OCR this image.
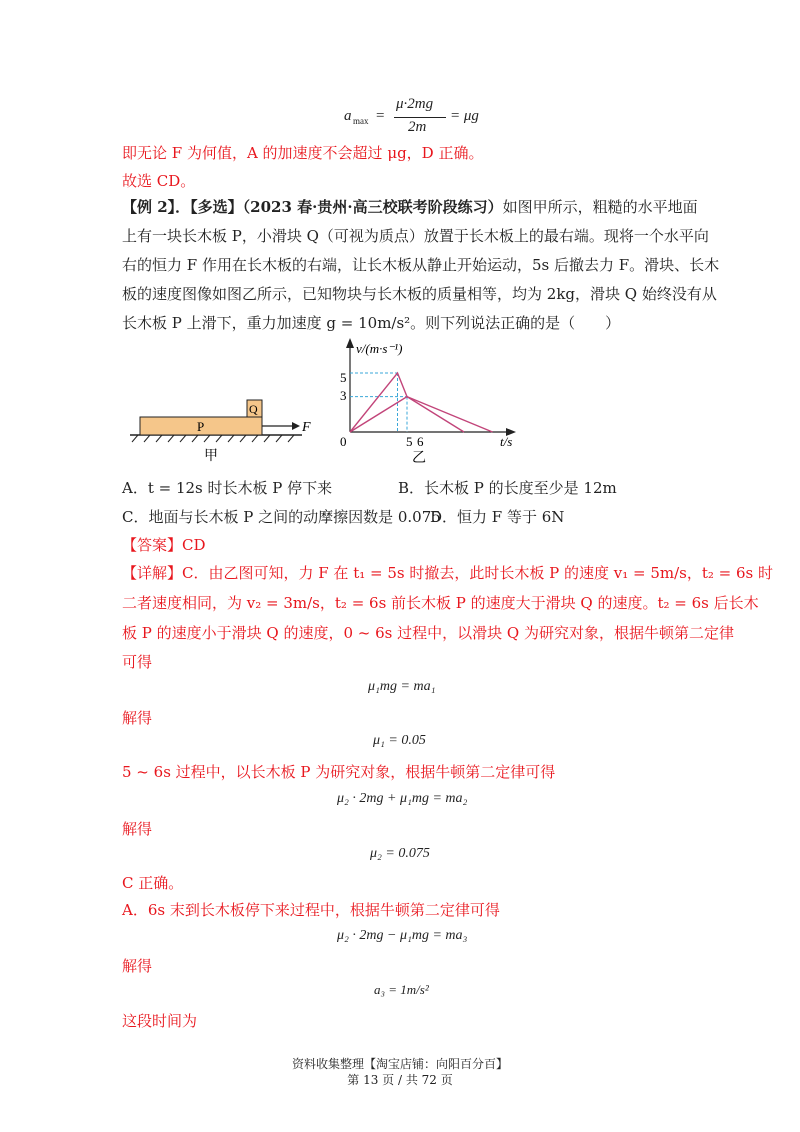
a max =
μ·2mg
2m
= μg
即无论 F 为何值，A 的加速度不会超过 μg，D 正确。
故选 CD。
【例 2】．【多选】（2023 春·贵州·高三校联考阶段练习）如图甲所示，粗糙的水平地面
上有一块长木板 P，小滑块 Q（可视为质点）放置于长木板上的最右端。现将一个水平向
右的恒力 F 作用在长木板的右端，让长木板从静止开始运动，5s 后撤去力 F。滑块、长木
板的速度图像如图乙所示，已知物块与长木板的质量相等，均为 2kg，滑块 Q 始终没有从
长木板 P 上滑下，重力加速度 g = 10m/s²。则下列说法正确的是（　　）
P
Q
F
甲
v/(m·s⁻¹)
t/s
5
3
0	5 6
乙
A．t = 12s 时长木板 P 停下来	B．长木板 P 的长度至少是 12m
C．地面与长木板 P 之间的动摩擦因数是 0.075
D．恒力 F 等于 6N
【答案】CD
【详解】C．由乙图可知，力 F 在 t₁ = 5s 时撤去，此时长木板 P 的速度 v₁ = 5m/s，t₂ = 6s 时
二者速度相同，为 v₂ = 3m/s，t₂ = 6s 前长木板 P 的速度大于滑块 Q 的速度。t₂ = 6s 后长木
板 P 的速度小于滑块 Q 的速度，0 ~ 6s 过程中，以滑块 Q 为研究对象，根据牛顿第二定律
可得
μ₁mg = ma₁
解得
μ₁ = 0.05
5 ~ 6s 过程中，以长木板 P 为研究对象，根据牛顿第二定律可得
μ₂ · 2mg + μ₁mg = ma₂
解得
μ₂ = 0.075
C 正确。
A．6s 末到长木板停下来过程中，根据牛顿第二定律可得
μ₂ · 2mg − μ₁mg = ma₃
解得
a₃ = 1m/s²
这段时间为
资料收集整理【淘宝店铺：向阳百分百】
第 13 页 / 共 72 页
